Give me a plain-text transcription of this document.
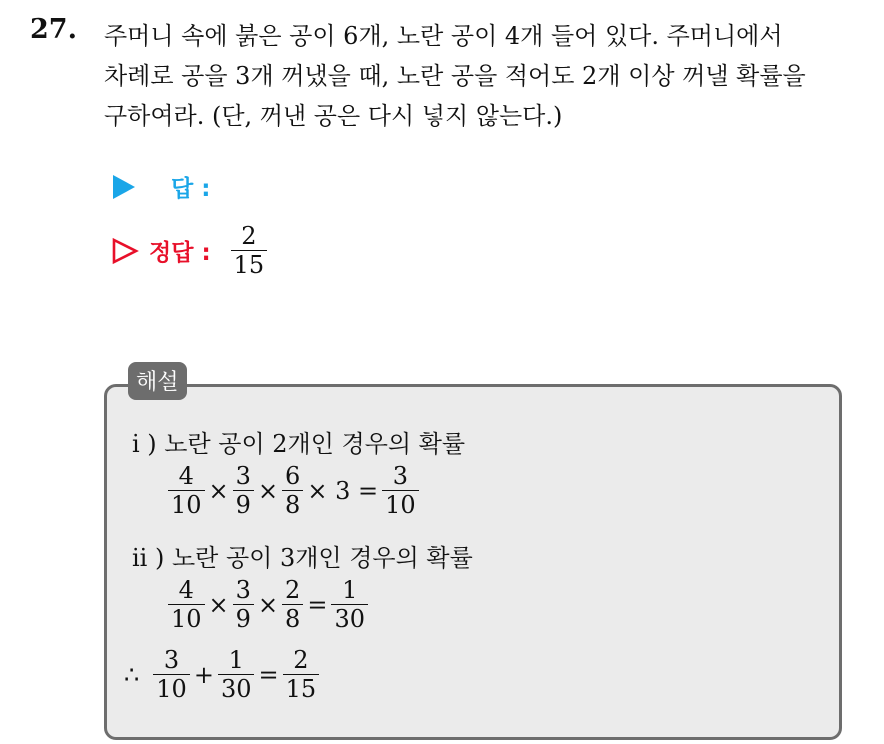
27. 주머니 속에 붉은 공이 6개, 노란 공이 4개 들어 있다. 주머니에서
차례로 공을 3개 꺼냈을 때, 노란 공을 적어도 2개 이상 꺼낼 확률을
구하여라. (단, 꺼낸 공은 다시 넣지 않는다.)
답 :
정답 : $\frac{2}{15}$
해설
i ) 노란 공이 2개인 경우의 확률
$\frac{4}{10} \times \frac{3}{9} \times \frac{6}{8} \times 3 = \frac{3}{10}$
ii ) 노란 공이 3개인 경우의 확률
$\frac{4}{10} \times \frac{3}{9} \times \frac{2}{8} = \frac{1}{30}$
∴ $\frac{3}{10} + \frac{1}{30} = \frac{2}{15}$
